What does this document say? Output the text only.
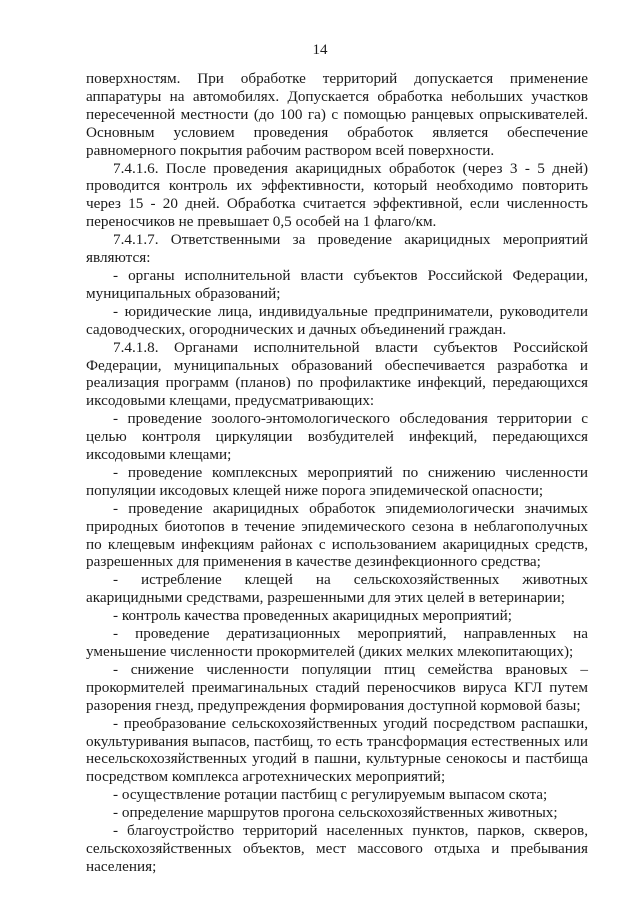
14

поверхностям. При обработке территорий допускается применение аппаратуры на автомобилях. Допускается обработка небольших участков пересеченной местности (до 100 га) с помощью ранцевых опрыскивателей. Основным условием проведения обработок является обеспечение равномерного покрытия рабочим раствором всей поверхности.

7.4.1.6. После проведения акарицидных обработок (через 3 - 5 дней) проводится контроль их эффективности, который необходимо повторить через 15 - 20 дней. Обработка считается эффективной, если численность переносчиков не превышает 0,5 особей на 1 флаго/км.

7.4.1.7. Ответственными за проведение акарицидных мероприятий являются:

- органы исполнительной власти субъектов Российской Федерации, муниципальных образований;

- юридические лица, индивидуальные предприниматели, руководители садоводческих, огороднических и дачных объединений граждан.

7.4.1.8. Органами исполнительной власти субъектов Российской Федерации, муниципальных образований обеспечивается разработка и реализация программ (планов) по профилактике инфекций, передающихся иксодовыми клещами, предусматривающих:

- проведение зоолого-энтомологического обследования территории с целью контроля циркуляции возбудителей инфекций, передающихся иксодовыми клещами;

- проведение комплексных мероприятий по снижению численности популяции иксодовых клещей ниже порога эпидемической опасности;

- проведение акарицидных обработок эпидемиологически значимых природных биотопов в течение эпидемического сезона в неблагополучных по клещевым инфекциям районах с использованием акарицидных средств, разрешенных для применения в качестве дезинфекционного средства;

- истребление клещей на сельскохозяйственных животных акарицидными средствами, разрешенными для этих целей в ветеринарии;

- контроль качества проведенных акарицидных мероприятий;

- проведение дератизационных мероприятий, направленных на уменьшение численности прокормителей (диких мелких млекопитающих);

- снижение численности популяции птиц семейства врановых – прокормителей преимагинальных стадий переносчиков вируса КГЛ путем разорения гнезд, предупреждения формирования доступной кормовой базы;

- преобразование сельскохозяйственных угодий посредством распашки, окультуривания выпасов, пастбищ, то есть трансформация естественных или несельскохозяйственных угодий в пашни, культурные сенокосы и пастбища посредством комплекса агротехнических мероприятий;

- осуществление ротации пастбищ с регулируемым выпасом скота;

- определение маршрутов прогона сельскохозяйственных животных;

- благоустройство территорий населенных пунктов, парков, скверов, сельскохозяйственных объектов, мест массового отдыха и пребывания населения;
